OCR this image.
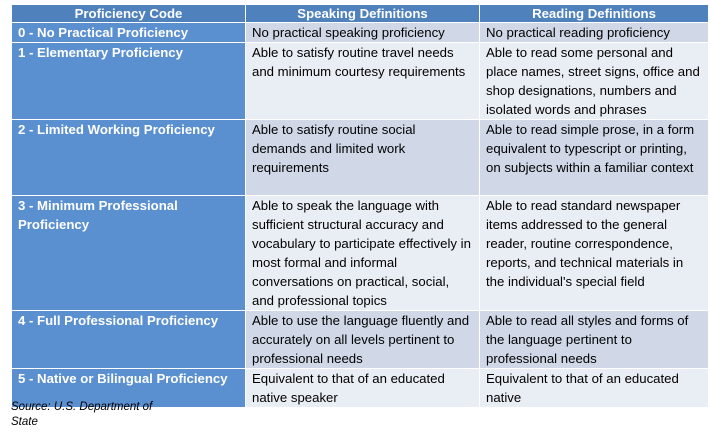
Proficiency Code	Speaking Definitions	Reading Definitions
0 - No Practical Proficiency	No practical speaking proficiency	No practical reading proficiency
1 - Elementary Proficiency	Able to satisfy routine travel needs and minimum courtesy requirements	Able to read some personal and place names, street signs, office and shop designations, numbers and isolated words and phrases
2 - Limited Working Proficiency	Able to satisfy routine social demands and limited work requirements	Able to read simple prose, in a form equivalent to typescript or printing, on subjects within a familiar context
3 - Minimum Professional Proficiency	Able to speak the language with sufficient structural accuracy and vocabulary to participate effectively in most formal and informal conversations on practical, social, and professional topics	Able to read standard newspaper items addressed to the general reader, routine correspondence, reports, and technical materials in the individual's special field
4 - Full Professional Proficiency	Able to use the language fluently and accurately on all levels pertinent to professional needs	Able to read all styles and forms of the language pertinent to professional needs
5 - Native or Bilingual Proficiency	Equivalent to that of an educated native speaker	Equivalent to that of an educated native
Source: U.S. Department of State
